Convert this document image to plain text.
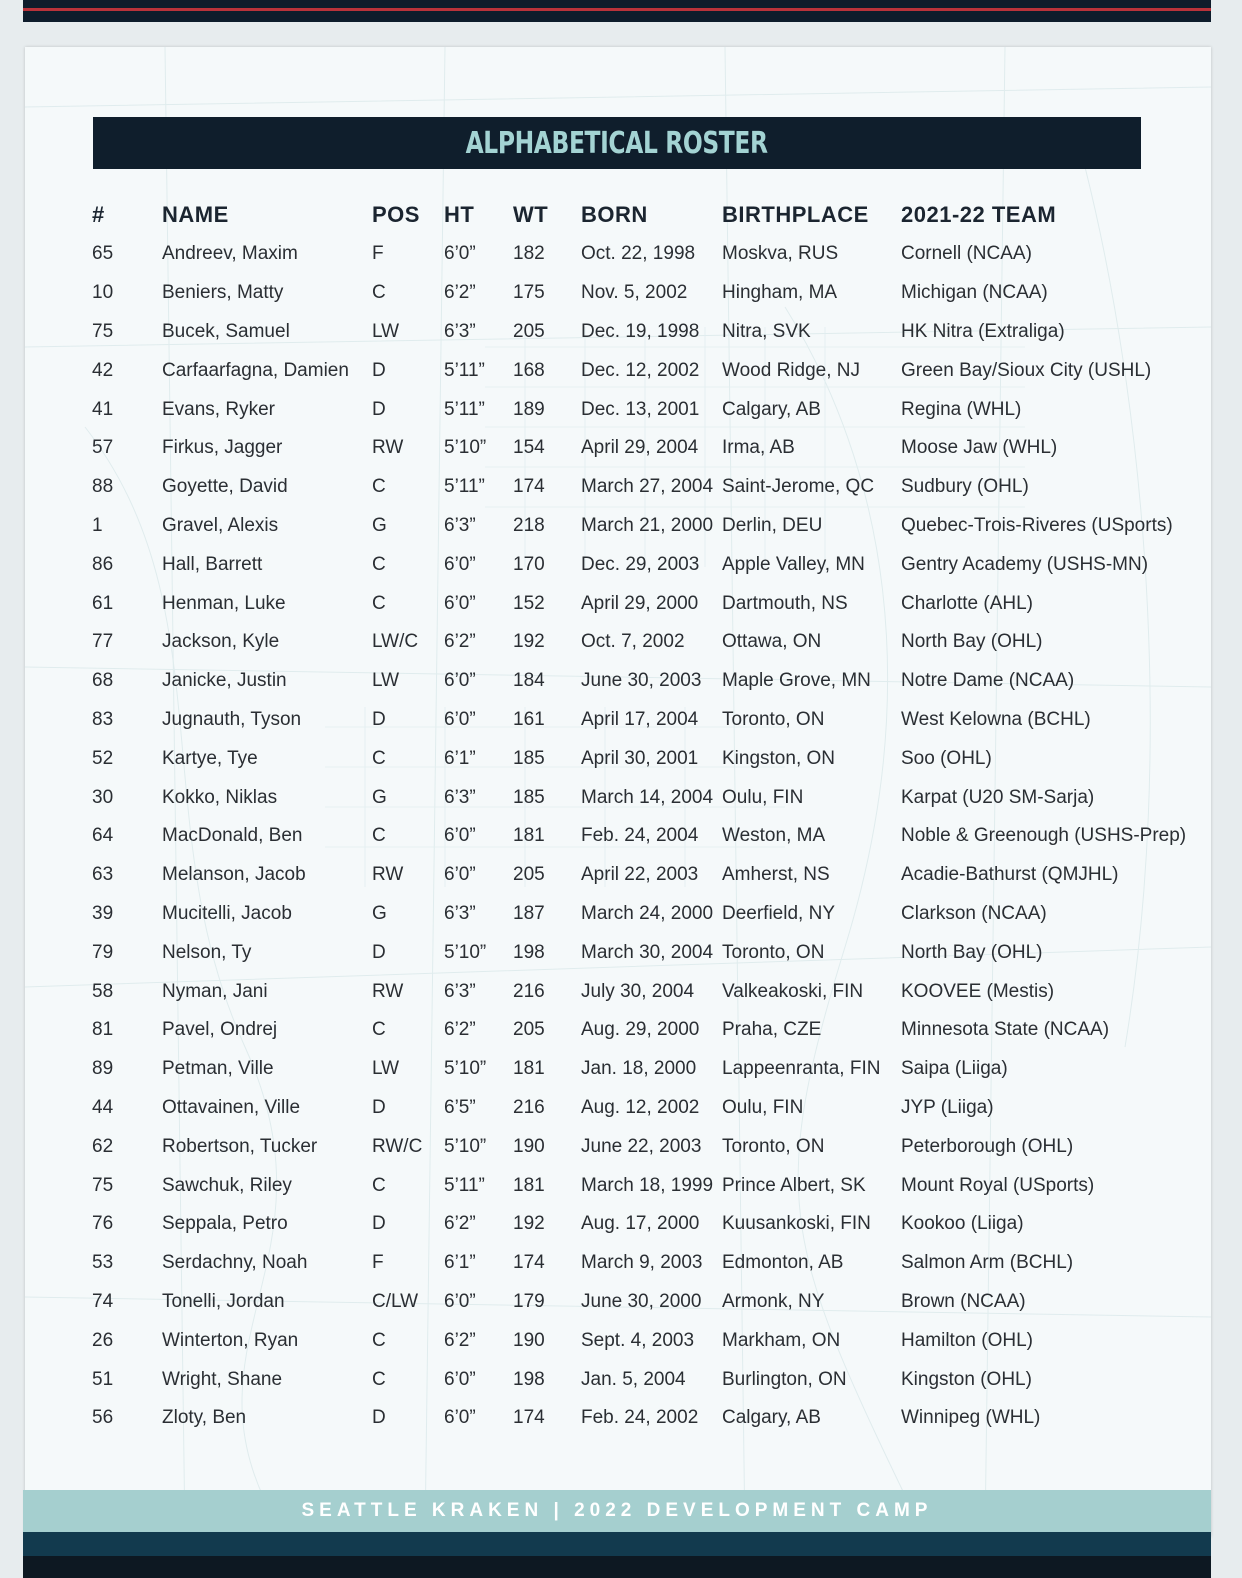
ALPHABETICAL ROSTER
#	NAME	POS	HT	WT	BORN	BIRTHPLACE	2021-22 TEAM
65	Andreev, Maxim	F	6’0”	182	Oct. 22, 1998	Moskva, RUS	Cornell (NCAA)
10	Beniers, Matty	C	6’2”	175	Nov. 5, 2002	Hingham, MA	Michigan (NCAA)
75	Bucek, Samuel	LW	6’3”	205	Dec. 19, 1998	Nitra, SVK	HK Nitra (Extraliga)
42	Carfaarfagna, Damien	D	5’11”	168	Dec. 12, 2002	Wood Ridge, NJ	Green Bay/Sioux City (USHL)
41	Evans, Ryker	D	5’11”	189	Dec. 13, 2001	Calgary, AB	Regina (WHL)
57	Firkus, Jagger	RW	5’10”	154	April 29, 2004	Irma, AB	Moose Jaw (WHL)
88	Goyette, David	C	5’11”	174	March 27, 2004	Saint-Jerome, QC	Sudbury (OHL)
1	Gravel, Alexis	G	6’3”	218	March 21, 2000	Derlin, DEU	Quebec-Trois-Riveres (USports)
86	Hall, Barrett	C	6’0”	170	Dec. 29, 2003	Apple Valley, MN	Gentry Academy (USHS-MN)
61	Henman, Luke	C	6’0”	152	April 29, 2000	Dartmouth, NS	Charlotte (AHL)
77	Jackson, Kyle	LW/C	6’2”	192	Oct. 7, 2002	Ottawa, ON	North Bay (OHL)
68	Janicke, Justin	LW	6’0”	184	June 30, 2003	Maple Grove, MN	Notre Dame (NCAA)
83	Jugnauth, Tyson	D	6’0”	161	April 17, 2004	Toronto, ON	West Kelowna (BCHL)
52	Kartye, Tye	C	6’1”	185	April 30, 2001	Kingston, ON	Soo (OHL)
30	Kokko, Niklas	G	6’3”	185	March 14, 2004	Oulu, FIN	Karpat (U20 SM-Sarja)
64	MacDonald, Ben	C	6’0”	181	Feb. 24, 2004	Weston, MA	Noble & Greenough (USHS-Prep)
63	Melanson, Jacob	RW	6’0”	205	April 22, 2003	Amherst, NS	Acadie-Bathurst (QMJHL)
39	Mucitelli, Jacob	G	6’3”	187	March 24, 2000	Deerfield, NY	Clarkson (NCAA)
79	Nelson, Ty	D	5’10”	198	March 30, 2004	Toronto, ON	North Bay (OHL)
58	Nyman, Jani	RW	6’3”	216	July 30, 2004	Valkeakoski, FIN	KOOVEE (Mestis)
81	Pavel, Ondrej	C	6’2”	205	Aug. 29, 2000	Praha, CZE	Minnesota State (NCAA)
89	Petman, Ville	LW	5’10”	181	Jan. 18, 2000	Lappeenranta, FIN	Saipa (Liiga)
44	Ottavainen, Ville	D	6’5”	216	Aug. 12, 2002	Oulu, FIN	JYP (Liiga)
62	Robertson, Tucker	RW/C	5’10”	190	June 22, 2003	Toronto, ON	Peterborough (OHL)
75	Sawchuk, Riley	C	5’11”	181	March 18, 1999	Prince Albert, SK	Mount Royal (USports)
76	Seppala, Petro	D	6’2”	192	Aug. 17, 2000	Kuusankoski, FIN	Kookoo (Liiga)
53	Serdachny, Noah	F	6’1”	174	March 9, 2003	Edmonton, AB	Salmon Arm (BCHL)
74	Tonelli, Jordan	C/LW	6’0”	179	June 30, 2000	Armonk, NY	Brown (NCAA)
26	Winterton, Ryan	C	6’2”	190	Sept. 4, 2003	Markham, ON	Hamilton (OHL)
51	Wright, Shane	C	6’0”	198	Jan. 5, 2004	Burlington, ON	Kingston (OHL)
56	Zloty, Ben	D	6’0”	174	Feb. 24, 2002	Calgary, AB	Winnipeg (WHL)
SEATTLE KRAKEN | 2022 DEVELOPMENT CAMP
